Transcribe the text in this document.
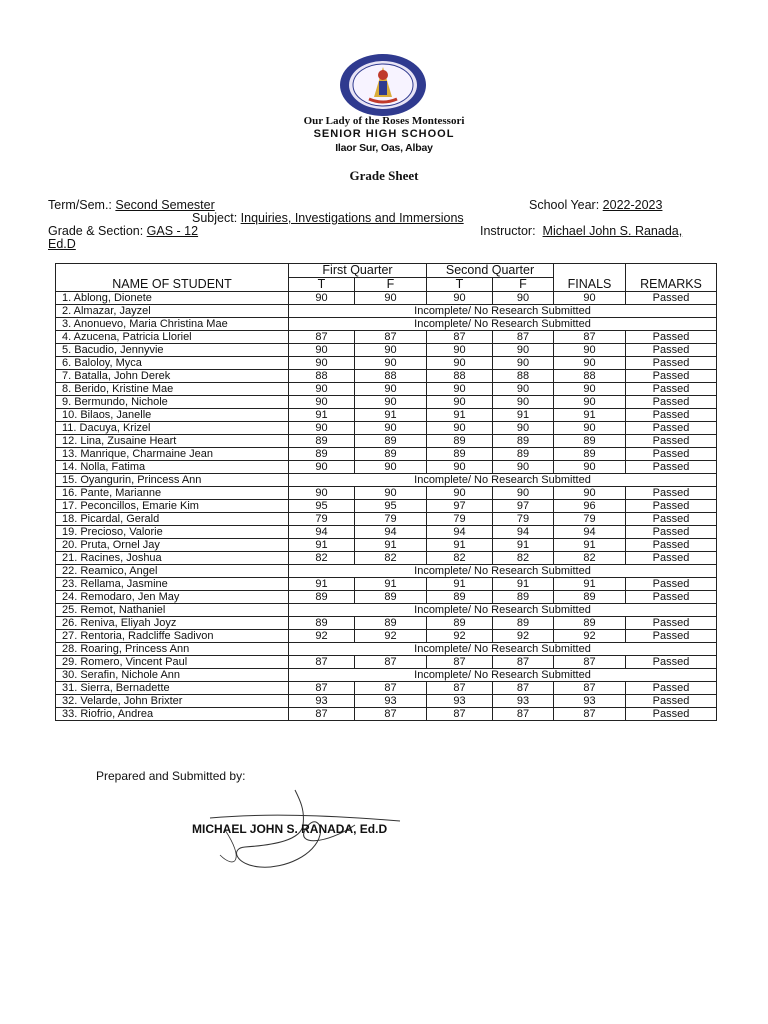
Our Lady of the Roses Montessori
SENIOR HIGH SCHOOL
Ilaor Sur, Oas, Albay
Grade Sheet
Term/Sem.: Second Semester	School Year: 2022-2023
Subject: Inquiries, Investigations and Immersions
Grade & Section: GAS - 12	Instructor:  Michael John S. Ranada,
Ed.D
NAME OF STUDENT	First Quarter		Second Quarter		FINALS	REMARKS
	T	F	T	F		
1. Ablong, Dionete	90	90	90	90	90	Passed
2. Almazar, Jayzel	Incomplete/ No Research Submitted					
3. Anonuevo, Maria Christina Mae	Incomplete/ No Research Submitted					
4. Azucena, Patricia Lloriel	87	87	87	87	87	Passed
5. Bacudio, Jennyvie	90	90	90	90	90	Passed
6. Baloloy, Myca	90	90	90	90	90	Passed
7. Batalla, John Derek	88	88	88	88	88	Passed
8. Berido, Kristine Mae	90	90	90	90	90	Passed
9. Bermundo, Nichole	90	90	90	90	90	Passed
10. Bilaos, Janelle	91	91	91	91	91	Passed
11. Dacuya, Krizel	90	90	90	90	90	Passed
12. Lina, Zusaine Heart	89	89	89	89	89	Passed
13. Manrique, Charmaine Jean	89	89	89	89	89	Passed
14. Nolla, Fatima	90	90	90	90	90	Passed
15. Oyangurin, Princess Ann	Incomplete/ No Research Submitted					
16. Pante, Marianne	90	90	90	90	90	Passed
17. Peconcillos, Emarie Kim	95	95	97	97	96	Passed
18. Picardal, Gerald	79	79	79	79	79	Passed
19. Precioso, Valorie	94	94	94	94	94	Passed
20. Pruta, Ornel Jay	91	91	91	91	91	Passed
21. Racines, Joshua	82	82	82	82	82	Passed
22. Reamico, Angel	Incomplete/ No Research Submitted					
23. Rellama, Jasmine	91	91	91	91	91	Passed
24. Remodaro, Jen May	89	89	89	89	89	Passed
25. Remot, Nathaniel	Incomplete/ No Research Submitted					
26. Reniva, Eliyah Joyz	89	89	89	89	89	Passed
27. Rentoria, Radcliffe Sadivon	92	92	92	92	92	Passed
28. Roaring, Princess Ann	Incomplete/ No Research Submitted					
29. Romero, Vincent Paul	87	87	87	87	87	Passed
30. Serafin, Nichole Ann	Incomplete/ No Research Submitted					
31. Sierra, Bernadette	87	87	87	87	87	Passed
32. Velarde, John Brixter	93	93	93	93	93	Passed
33. Riofrio, Andrea	87	87	87	87	87	Passed
Prepared and Submitted by:
MICHAEL JOHN S. RANADA, Ed.D
